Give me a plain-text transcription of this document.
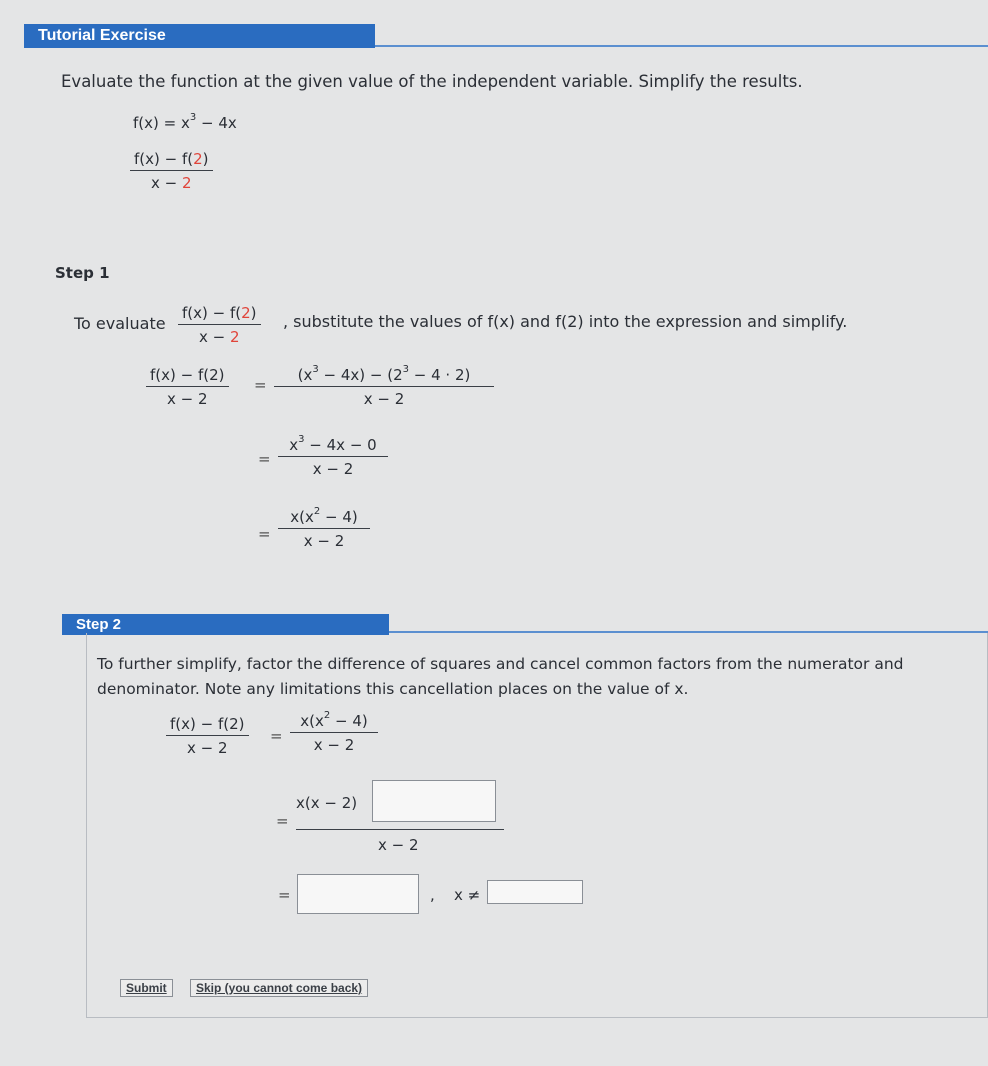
Tutorial Exercise
Evaluate the function at the given value of the independent variable. Simplify the results.
$f(x) = x^3 - 4x$
f(x) − f(2)
x − 2
Step 1
To evaluate
f(x) − f(2)
x − 2
, substitute the values of f(x) and f(2) into the expression and simplify.
f(x) − f(2)
x − 2
=
$(x^3 - 4x) - (2^3 - 4 \cdot 2)$
x − 2
=
$x^3 - 4x - 0$
x − 2
=
$x(x^2 - 4)$
x − 2
Step 2
To further simplify, factor the difference of squares and cancel common factors from the numerator and denominator. Note any limitations this cancellation places on the value of x.
f(x) − f(2)
x − 2
=
$x(x^2 - 4)$
x − 2
=
x(x − 2)
x − 2
=	, x ≠
Submit	Skip (you cannot come back)
